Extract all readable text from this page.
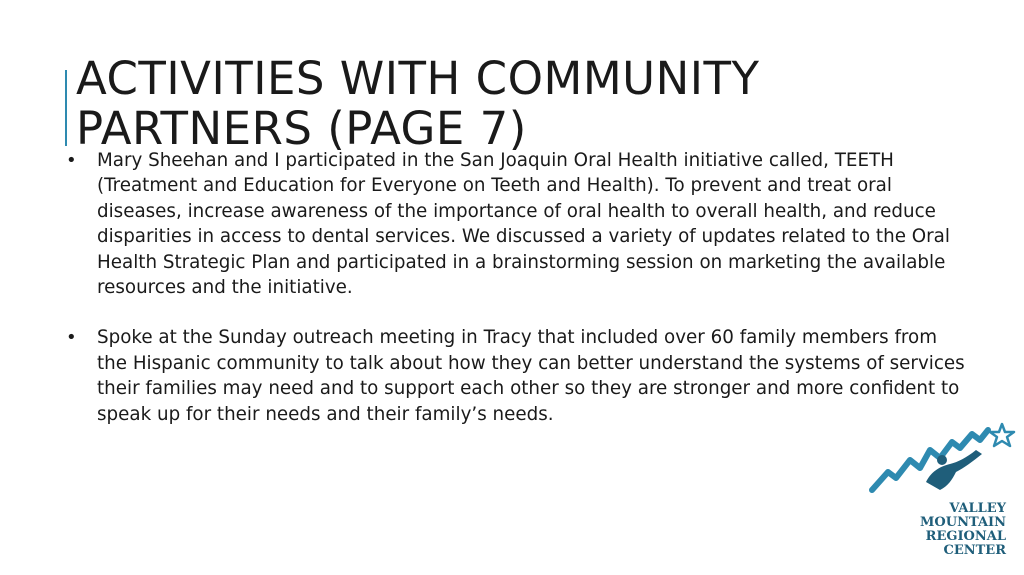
ACTIVITIES WITH COMMUNITY
PARTNERS (PAGE 7)
• Mary Sheehan and I participated in the San Joaquin Oral Health initiative called, TEETH (Treatment and Education for Everyone on Teeth and Health). To prevent and treat oral diseases, increase awareness of the importance of oral health to overall health, and reduce disparities in access to dental services. We discussed a variety of updates related to the Oral Health Strategic Plan and participated in a brainstorming session on marketing the available resources and the initiative.
• Spoke at the Sunday outreach meeting in Tracy that included over 60 family members from the Hispanic community to talk about how they can better understand the systems of services their families may need and to support each other so they are stronger and more confident to speak up for their needs and their family’s needs.
VALLEY
MOUNTAIN
REGIONAL
CENTER
